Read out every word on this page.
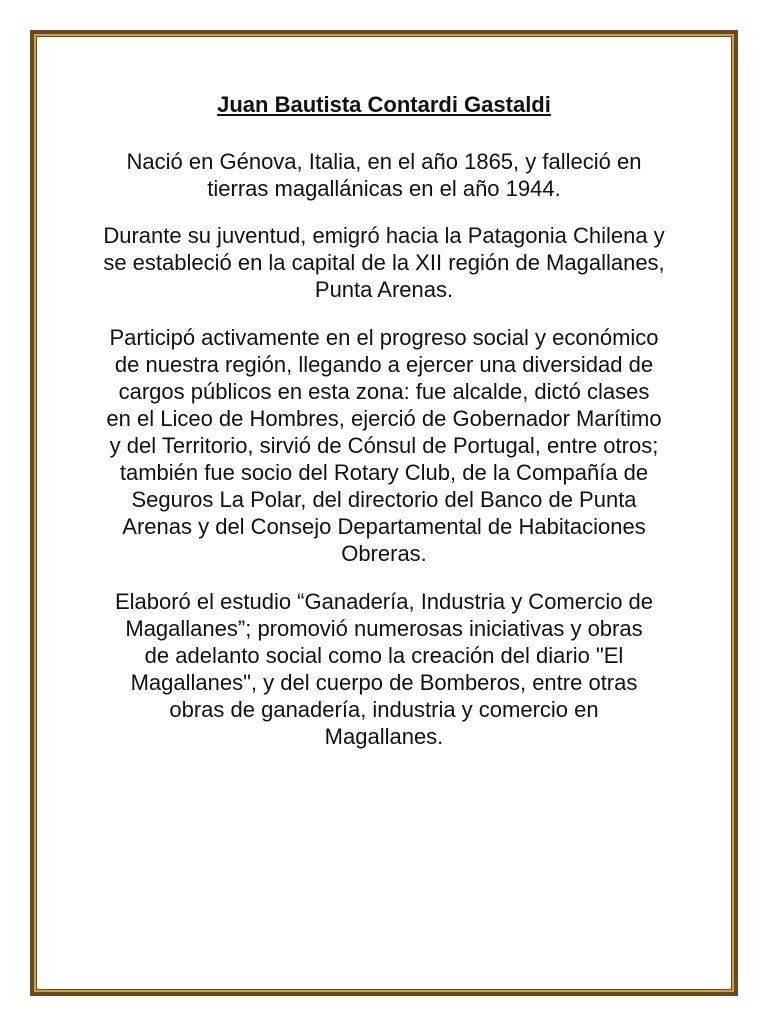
Juan Bautista Contardi Gastaldi

Nació en Génova, Italia, en el año 1865, y falleció en tierras magallánicas en el año 1944.

Durante su juventud, emigró hacia la Patagonia Chilena y se estableció en la capital de la XII región de Magallanes, Punta Arenas.

Participó activamente en el progreso social y económico de nuestra región, llegando a ejercer una diversidad de cargos públicos en esta zona: fue alcalde, dictó clases en el Liceo de Hombres, ejerció de Gobernador Marítimo y del Territorio, sirvió de Cónsul de Portugal, entre otros; también fue socio del Rotary Club, de la Compañía de Seguros La Polar, del directorio del Banco de Punta Arenas y del Consejo Departamental de Habitaciones Obreras.

Elaboró el estudio “Ganadería, Industria y Comercio de Magallanes”; promovió numerosas iniciativas y obras de adelanto social como la creación del diario "El Magallanes", y del cuerpo de Bomberos, entre otras obras de ganadería, industria y comercio en Magallanes.
